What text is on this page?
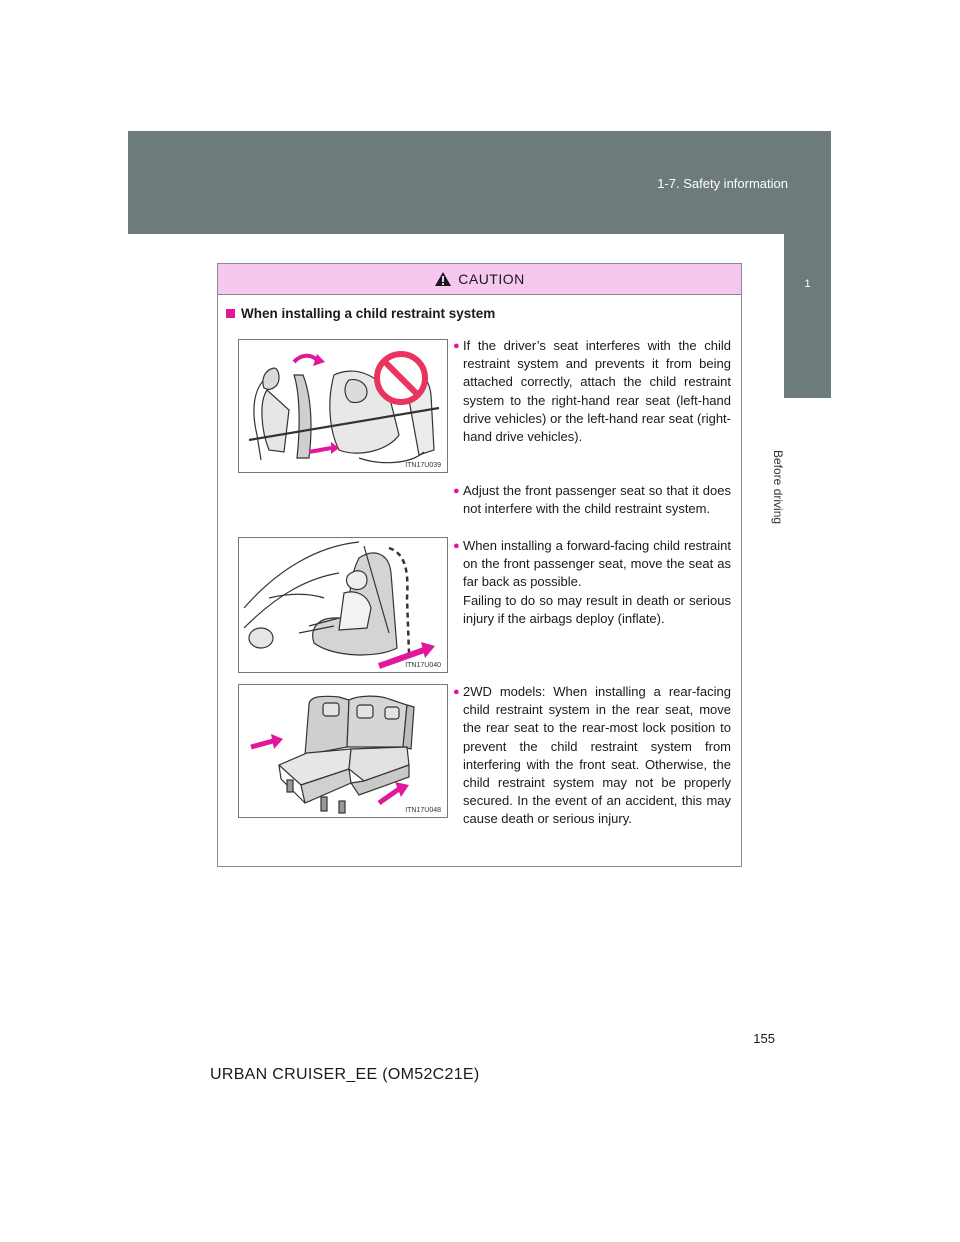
1-7. Safety information
1
Before driving
CAUTION
When installing a child restraint system
ITN17U039
ITN17U040
ITN17U048
● If the driver’s seat interferes with the child restraint system and prevents it from being attached correctly, attach the child restraint system to the right-hand rear seat (left-hand drive vehicles) or the left-hand rear seat (right-hand drive vehicles).

● Adjust the front passenger seat so that it does not interfere with the child restraint system.

● When installing a forward-facing child restraint on the front passenger seat, move the seat as far back as possible.

Failing to do so may result in death or serious injury if the airbags deploy (inflate).

● 2WD models: When installing a rear-facing child restraint system in the rear seat, move the rear seat to the rear-most lock position to prevent the child restraint system from interfering with the front seat. Otherwise, the child restraint system may not be properly secured. In the event of an accident, this may cause death or serious injury.

155
URBAN CRUISER_EE (OM52C21E)
